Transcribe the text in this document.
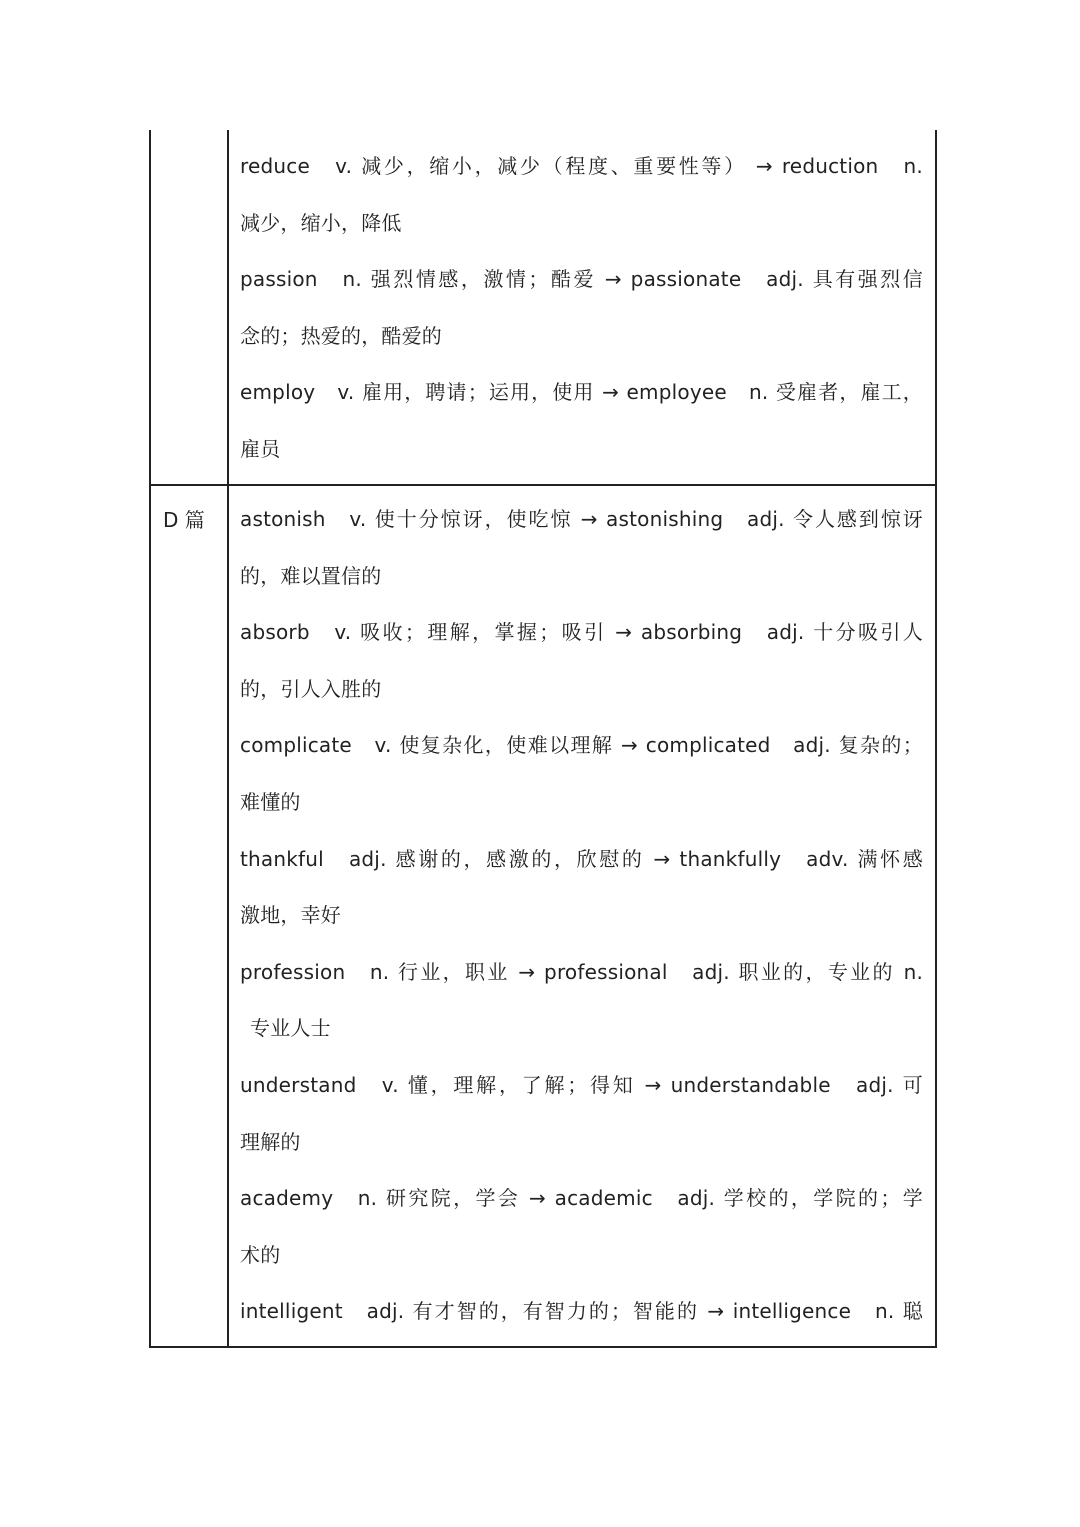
reduce　v. 减少，缩小，减少（程度、重要性等） → reduction　n.
减少，缩小，降低
passion　n. 强烈情感，激情；酷爱 → passionate　adj. 具有强烈信
念的；热爱的，酷爱的
employ　v. 雇用，聘请；运用，使用 → employee　n. 受雇者，雇工，
雇员
D 篇 astonish　v. 使十分惊讶，使吃惊 → astonishing　adj. 令人感到惊讶
的，难以置信的
absorb　v. 吸收；理解，掌握；吸引 → absorbing　adj. 十分吸引人
的，引人入胜的
complicate　v. 使复杂化，使难以理解 → complicated　adj. 复杂的；
难懂的
thankful　adj. 感谢的，感激的，欣慰的 → thankfully　adv. 满怀感
激地，幸好
profession　n. 行业，职业 → professional　adj. 职业的，专业的 n.
专业人士
understand　v. 懂，理解，了解；得知 → understandable　adj. 可
理解的
academy　n. 研究院，学会 → academic　adj. 学校的，学院的；学
术的
intelligent　adj. 有才智的，有智力的；智能的 → intelligence　n. 聪
